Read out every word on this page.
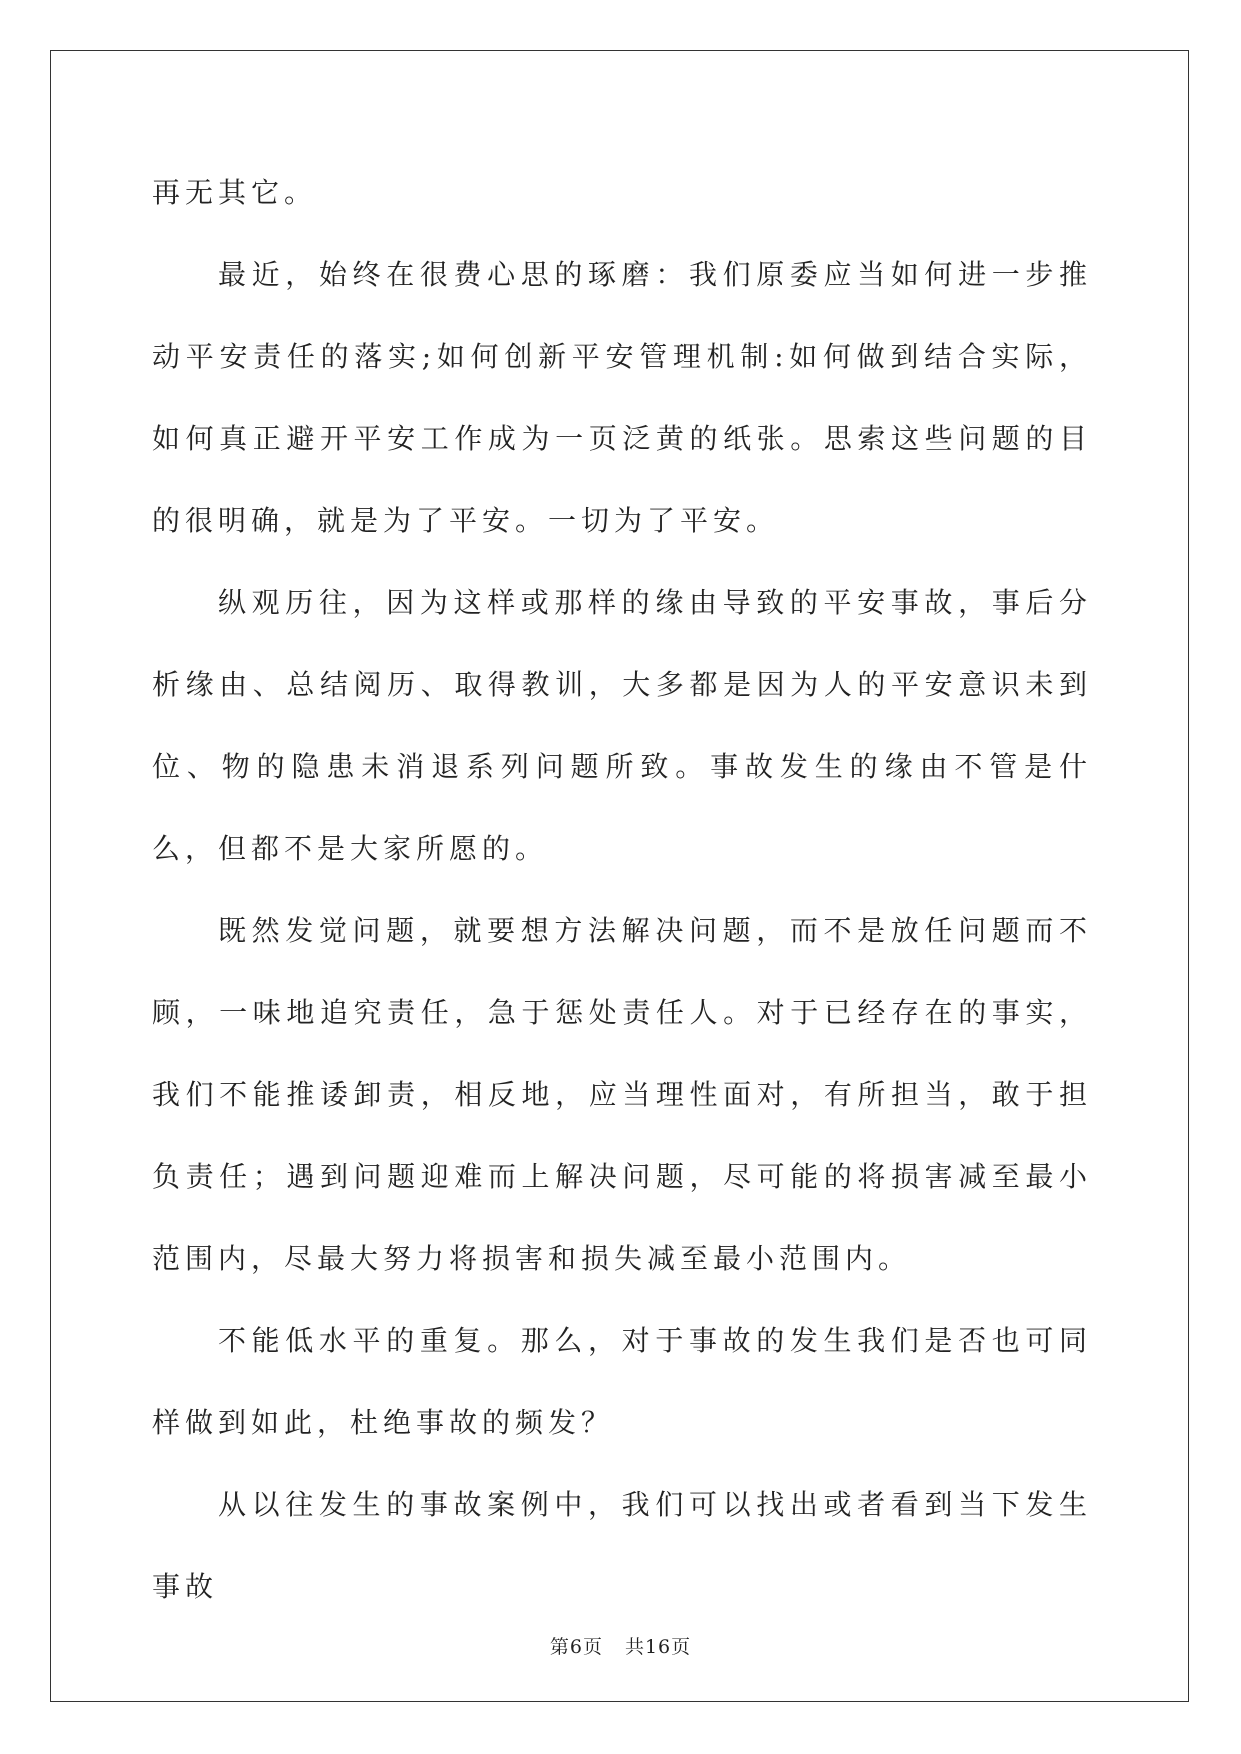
再无其它。

最近，始终在很费心思的琢磨：我们原委应当如何进一步推动平安责任的落实;如何创新平安管理机制:如何做到结合实际，如何真正避开平安工作成为一页泛黄的纸张。思索这些问题的目的很明确，就是为了平安。一切为了平安。

纵观历往，因为这样或那样的缘由导致的平安事故，事后分析缘由、总结阅历、取得教训，大多都是因为人的平安意识未到位、物的隐患未消退系列问题所致。事故发生的缘由不管是什么，但都不是大家所愿的。

既然发觉问题，就要想方法解决问题，而不是放任问题而不顾，一味地追究责任，急于惩处责任人。对于已经存在的事实，我们不能推诿卸责，相反地，应当理性面对，有所担当，敢于担负责任；遇到问题迎难而上解决问题，尽可能的将损害减至最小范围内，尽最大努力将损害和损失减至最小范围内。

不能低水平的重复。那么，对于事故的发生我们是否也可同样做到如此，杜绝事故的频发？

从以往发生的事故案例中，我们可以找出或者看到当下发生事故

第6页 共16页
